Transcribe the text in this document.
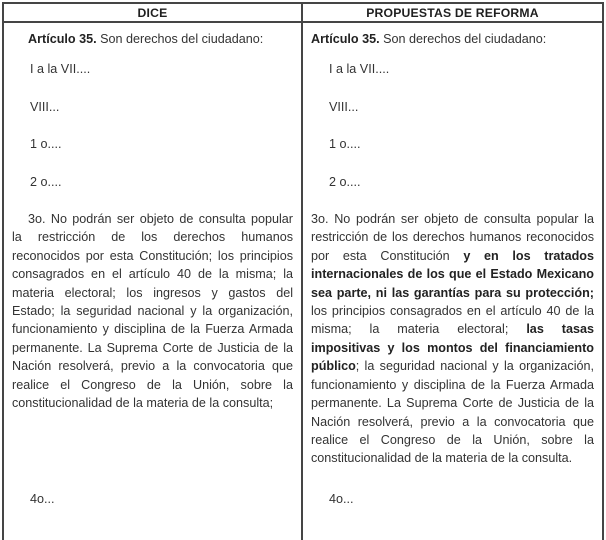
DICE	PROPUESTAS DE REFORMA
Artículo 35. Son derechos del ciudadano:	Artículo 35. Son derechos del ciudadano:
I a la VII....	I a la VII....
VIII...	VIII...
1 o....	1 o....
2 o....	2 o....
3o. No podrán ser objeto de consulta popular la restricción de los derechos humanos reconocidos por esta Constitución; los principios consagrados en el artículo 40 de la misma; la materia electoral; los ingresos y gastos del Estado; la seguridad nacional y la organización, funcionamiento y disciplina de la Fuerza Armada permanente. La Suprema Corte de Justicia de la Nación resolverá, previo a la convocatoria que realice el Congreso de la Unión, sobre la constitucionalidad de la materia de la consulta;
3o. No podrán ser objeto de consulta popular la restricción de los derechos humanos reconocidos por esta Constitución y en los tratados internacionales de los que el Estado Mexicano sea parte, ni las garantías para su protección; los principios consagrados en el artículo 40 de la misma; la materia electoral; las tasas impositivas y los montos del financiamiento público; la seguridad nacional y la organización, funcionamiento y disciplina de la Fuerza Armada permanente. La Suprema Corte de Justicia de la Nación resolverá, previo a la convocatoria que realice el Congreso de la Unión, sobre la constitucionalidad de la materia de la consulta.
4o...	4o...
